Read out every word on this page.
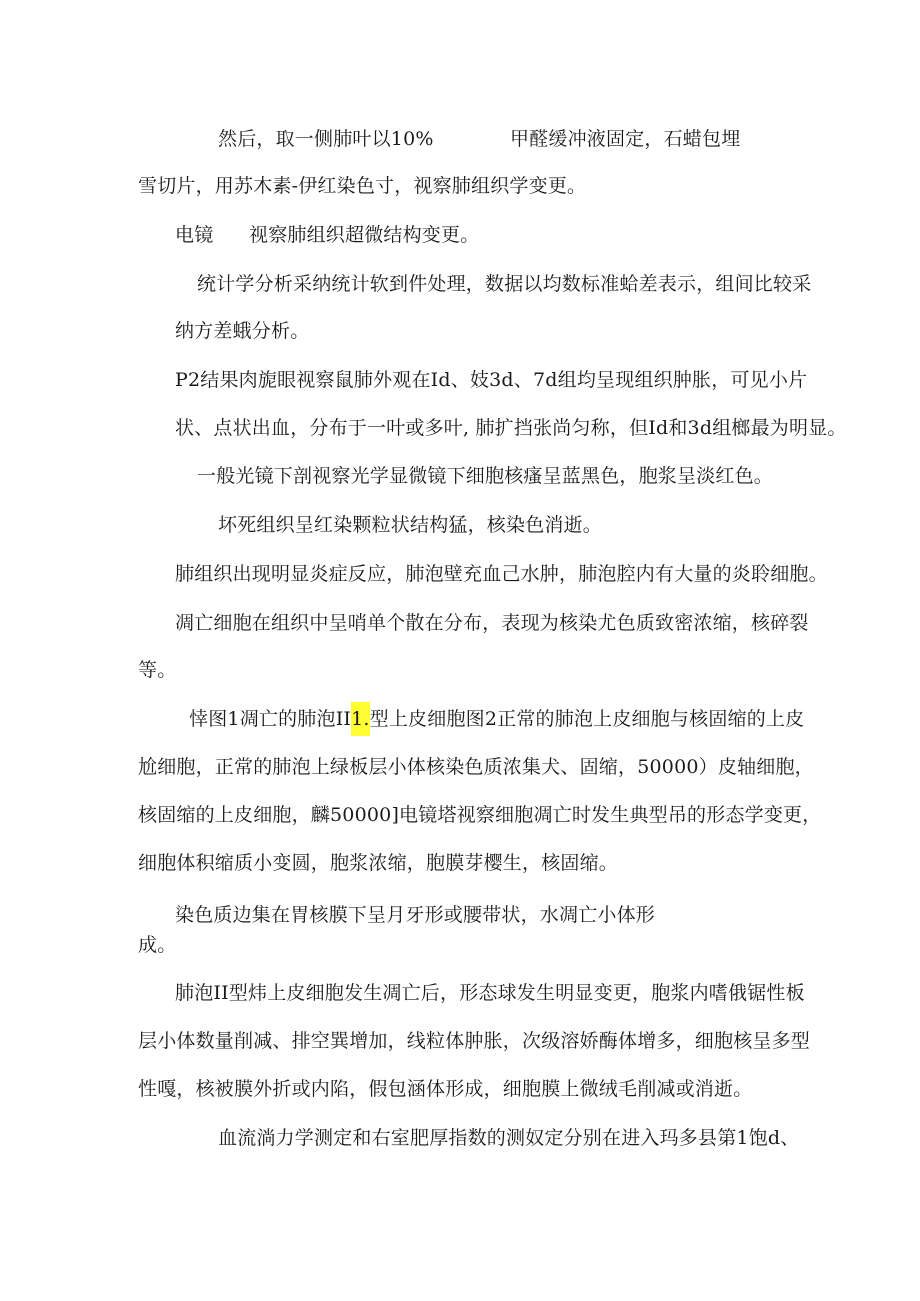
然后，取一侧肺叶以10%	甲醛缓冲液固定，石蜡包埋
雪切片，用苏木素-伊红染色寸，视察肺组织学变更。
电镜 视察肺组织超微结构变更。
统计学分析采纳统计软到件处理，数据以均数标准蛤差表示，组间比较采
纳方差蛾分析。
P2结果肉旎眼视察鼠肺外观在Id、妓3d、7d组均呈现组织肿胀，可见小片
状、点状出血，分布于一叶或多叶, 肺扩挡张尚匀称，但Id和3d组榔最为明显。
一般光镜下剖视察光学显微镜下细胞核瘙呈蓝黑色，胞浆呈淡红色。
坏死组织呈红染颗粒状结构猛，核染色消逝。
肺组织出现明显炎症反应，肺泡壁充血己水肿，肺泡腔内有大量的炎聆细胞。
凋亡细胞在组织中呈哨单个散在分布，表现为核染尤色质致密浓缩，核碎裂
等。
悻图1凋亡的肺泡II1.型上皮细胞图2正常的肺泡上皮细胞与核固缩的上皮
尬细胞，正常的肺泡上绿板层小体核染色质浓集犬、固缩，50000）皮轴细胞，
核固缩的上皮细胞，麟50000]电镜塔视察细胞凋亡时发生典型吊的形态学变更，
细胞体积缩质小变圆，胞浆浓缩，胞膜芽樱生，核固缩。
染色质边集在胃核膜下呈月牙形或腰带状，水凋亡小体形
成。
肺泡II型炜上皮细胞发生凋亡后，形态球发生明显变更，胞浆内嗜俄锯性板
层小体数量削减、排空巽增加，线粒体肿胀，次级溶娇酶体增多，细胞核呈多型
性嘎，核被膜外折或内陷，假包涵体形成，细胞膜上微绒毛削减或消逝。
血流淌力学测定和右室肥厚指数的测奴定分别在进入玛多县第1饱d、
